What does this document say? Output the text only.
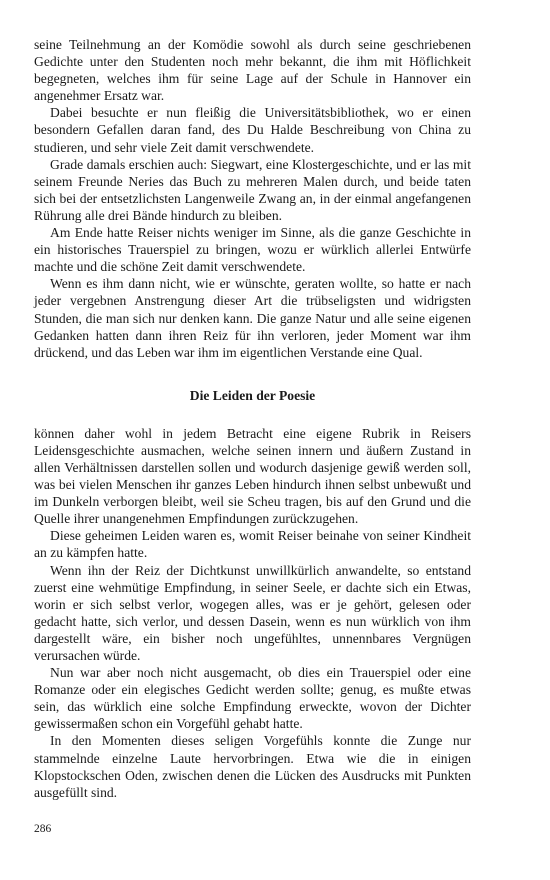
seine Teilnehmung an der Komödie sowohl als durch seine geschriebenen Gedichte unter den Studenten noch mehr bekannt, die ihm mit Höflichkeit begegneten, welches ihm für seine Lage auf der Schule in Hannover ein angenehmer Ersatz war.

Dabei besuchte er nun fleißig die Universitätsbibliothek, wo er einen besondern Gefallen daran fand, des Du Halde Beschreibung von China zu studieren, und sehr viele Zeit damit verschwendete.

Grade damals erschien auch: Siegwart, eine Klostergeschichte, und er las mit seinem Freunde Neries das Buch zu mehreren Malen durch, und beide taten sich bei der entsetzlichsten Langenweile Zwang an, in der einmal angefangenen Rührung alle drei Bände hindurch zu bleiben.

Am Ende hatte Reiser nichts weniger im Sinne, als die ganze Geschichte in ein historisches Trauerspiel zu bringen, wozu er würklich allerlei Entwürfe machte und die schöne Zeit damit verschwendete.

Wenn es ihm dann nicht, wie er wünschte, geraten wollte, so hatte er nach jeder vergebnen Anstrengung dieser Art die trübseligsten und widrigsten Stunden, die man sich nur denken kann. Die ganze Natur und alle seine eigenen Gedanken hatten dann ihren Reiz für ihn verloren, jeder Moment war ihm drückend, und das Leben war ihm im eigentlichen Verstande eine Qual.

Die Leiden der Poesie

können daher wohl in jedem Betracht eine eigene Rubrik in Reisers Leidensgeschichte ausmachen, welche seinen innern und äußern Zustand in allen Verhältnissen darstellen sollen und wodurch dasjenige gewiß werden soll, was bei vielen Menschen ihr ganzes Leben hindurch ihnen selbst unbewußt und im Dunkeln verborgen bleibt, weil sie Scheu tragen, bis auf den Grund und die Quelle ihrer unangenehmen Empfindungen zurückzugehen.

Diese geheimen Leiden waren es, womit Reiser beinahe von seiner Kindheit an zu kämpfen hatte.

Wenn ihn der Reiz der Dichtkunst unwillkürlich anwandelte, so entstand zuerst eine wehmütige Empfindung, in seiner Seele, er dachte sich ein Etwas, worin er sich selbst verlor, wogegen alles, was er je gehört, gelesen oder gedacht hatte, sich verlor, und dessen Dasein, wenn es nun würklich von ihm dargestellt wäre, ein bisher noch ungefühltes, unnennbares Vergnügen verursachen würde.

Nun war aber noch nicht ausgemacht, ob dies ein Trauerspiel oder eine Romanze oder ein elegisches Gedicht werden sollte; genug, es mußte etwas sein, das würklich eine solche Empfindung erweckte, wovon der Dichter gewissermaßen schon ein Vorgefühl gehabt hatte.

In den Momenten dieses seligen Vorgefühls konnte die Zunge nur stammelnde einzelne Laute hervorbringen. Etwa wie die in einigen Klopstockschen Oden, zwischen denen die Lücken des Ausdrucks mit Punkten ausgefüllt sind.

286
